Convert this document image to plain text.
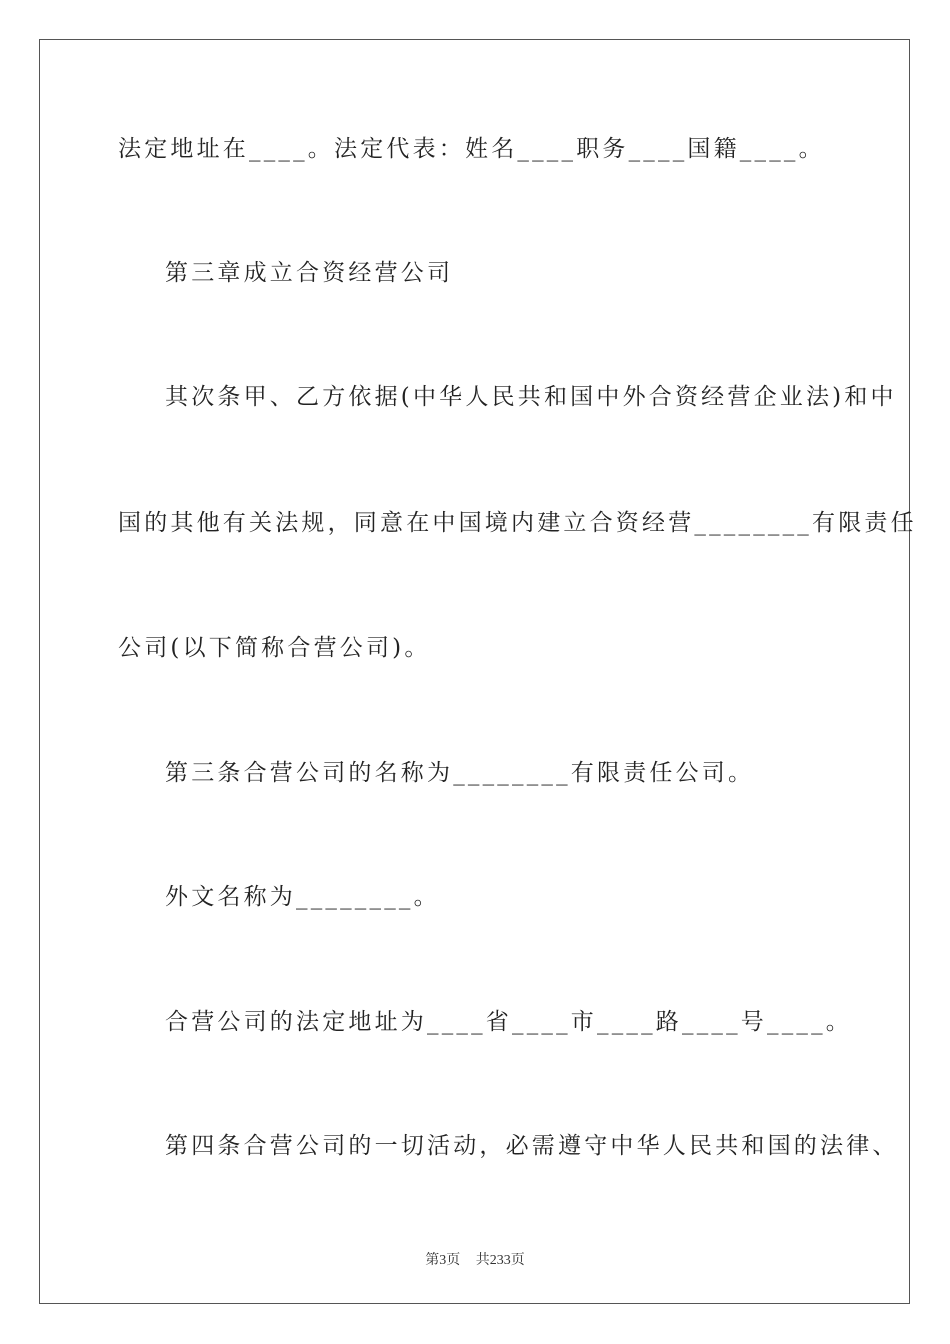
法定地址在____。法定代表：姓名____职务____国籍____。
第三章成立合资经营公司
其次条甲、乙方依据(中华人民共和国中外合资经营企业法)和中
国的其他有关法规，同意在中国境内建立合资经营________有限责任
公司(以下简称合营公司)。
第三条合营公司的名称为________有限责任公司。
外文名称为________。
合营公司的法定地址为____省____市____路____号____。
第四条合营公司的一切活动，必需遵守中华人民共和国的法律、
第3页 共233页
